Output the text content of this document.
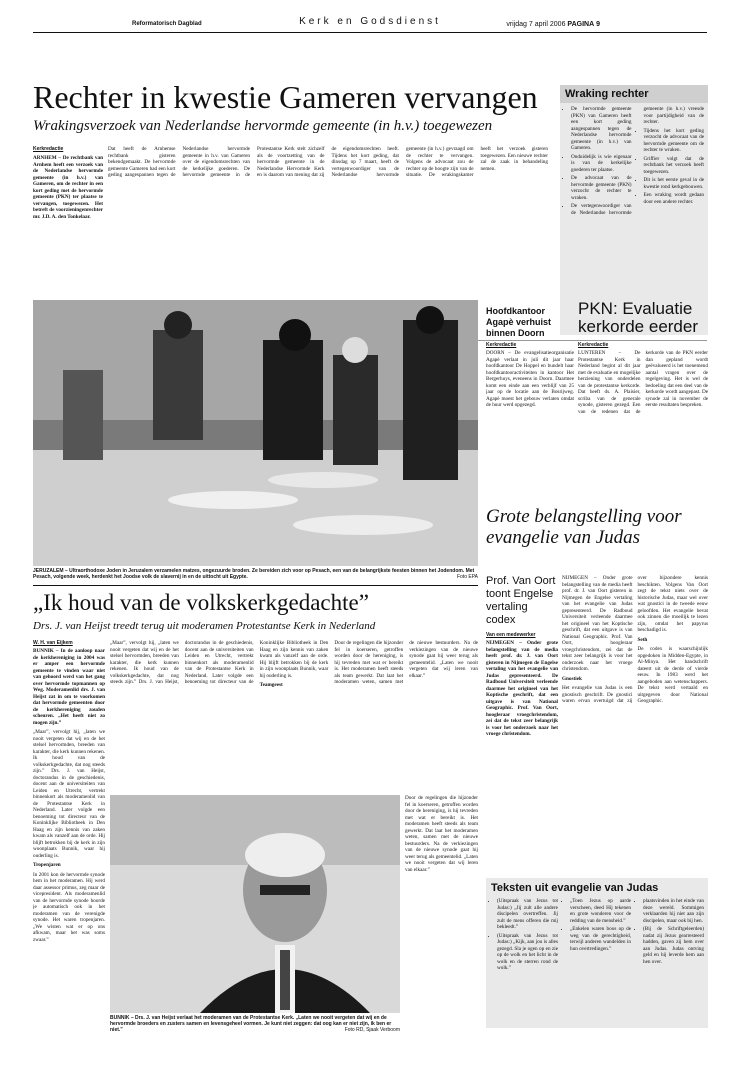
Reformatorisch Dagblad	Kerk en Godsdienst	vrijdag 7 april 2006 PAGINA 9
Rechter in kwestie Gameren vervangen
Wrakingsverzoek van Nederlandse hervormde gemeente (in h.v.) toegewezen
Kerkredactie
ARNHEM – De rechtbank van Arnhem heeft een verzoek van de Nederlandse hervormde gemeente (in h.v.) van Gameren, om de rechter in een kort geding met de hervormde gemeente (PKN) ter plaatse te vervangen, toegewezen. Het betreft de voorzieningenrechter mr. J.D. A. den Tonkelaar.
Dat heeft de Arnhemse rechtbank gisteren bekendgemaakt. De hervormde gemeente Gameren had een kort geding aangespannen tegen de Nederlandse hervormde gemeente in h.v. van Gameren over de eigendomsrechten van de kerkelijke goederen. De hervormde gemeente in de Protestantse Kerk stelt zichzelf als de voortzetting van de hervormde gemeente in de Nederlandse Hervormde Kerk en is daarom van mening dat zij de eigendomsrechten heeft. Tijdens het kort geding, dat dinsdag op 7 maart, heeft de vertegenwoordiger van de Nederlandse hervormde gemeente (in h.v.) gevraagd om de rechter te vervangen. Volgens de advocaat zou de rechter op de hoogte zijn van de situatie. De wrakingskamer heeft het verzoek gisteren toegewezen. Een nieuwe rechter zal de zaak in behandeling nemen.
Wraking rechter
• De hervormde gemeente (PKN) van Gameren heeft een kort geding aangespannen tegen de Nederlandse hervormde gemeente (in h.v.) van Gameren.
• Onduidelijk is wie eigenaar is van de kerkelijke goederen ter plaatse.
• De advocaat van de hervormde gemeente (PKN) verzocht de rechter te wraken.
• De vertegenwoordiger van de Nederlandse hervormde gemeente (in h.v.) vreesde voor partijdigheid van de rechter.
• Tijdens het kort geding verzocht de advocaat van de hervormde gemeente om de rechter te wraken.
• Griffier volgt dat de rechtbank het verzoek heeft toegewezen.
• Dit is het eerste geval in de kwestie rond kerkgebouwen.
• Een wraking wordt gedaan door een andere rechter.
JERUZALEM – Ultraorthodoxe Joden in Jeruzalem verzamelen matzes, ongezuurde broden. Ze bereiden zich voor op Pesach, een van de belangrijkste feesten binnen het Jodendom. Met Pesach, volgende week, herdenkt het Joodse volk de slavernij in en de uittocht uit Egypte.	Foto EPA
Hoofdkantoor Agapè verhuist binnen Doorn
Kerkredactie
DOORN – De evangelisatieorganisatie Agapè verlaat in juli dit jaar haar hoofdkantoor De Hoppel en bundelt haar hoofdkantooractiviteiten in kantoor Het Bergerhuys, eveneens in Doorn. Daarmee komt een einde aan een verblijf van 25 jaar op de locatie aan de Bosrijweg. Agapè moest het gebouw verlaten omdat de huur werd opgezegd.
PKN: Evaluatie kerkorde eerder
Kerkredactie
LUNTEREN – De Protestantse Kerk in Nederland begint al dit jaar met de evaluatie en mogelijke herziening van onderdelen van de protestantse kerkorde. Dat heeft ds. A. Plaisier, scriba van de generale synode, gisteren gezegd. Een van de redenen dat de kerkorde van de PKN eerder dan gepland wordt geëvalueerd is het toenemend aantal vragen over de regelgeving. Het is wel de bedoeling dat een deel van de kerkorde wordt aangepast. De synode zal in november de eerste resultaten bespreken.
Grote belangstelling voor evangelie van Judas
„Ik houd van de volkskerkgedachte”
Drs. J. van Heijst treedt terug uit moderamen Protestantse Kerk in Nederland
W. H. van Eijkem

BUNNIK – In de aanloop naar de kerkhereniging in 2004 was er amper een hervormde gemeente te vinden waar niet van gehoord werd van het gang over hervormde topmannen op Weg. Moderamenlid drs. J. van Heijst zat in om te voorkomen dat hervormde gemeenten door de kerkhereniging zouden scheuren. „Het heeft niet zo mogen zijn.”

„Maar”, vervolgt hij, „laten we nooit vergeten dat wij en de het stelsel hervormden, breeden van karakter, die kerk kunnen rekenen. Ik houd van de volkskerkgedachte, dat nog steeds zijn.” Drs. J. van Heijst, doctorandus in de geschiedenis, docent aan de universiteiten van Leiden en Utrecht, vertrekt binnenkort als moderamenlid van de Protestantse Kerk in Nederland. Later volgde een benoeming tot directeur van de Koninklijke Bibliotheek in Den Haag en zijn kennis van zaken kwam als vanzelf aan de orde. Hij blijft betrokken bij de kerk in zijn woonplaats Bunnik, waar hij ouderling is.

Tropenjaren

In 2001 kon de hervormde synode hem in het moderamen. Hij werd daar assessor primus, zeg maar de vicepresident. Als moderamenlid van de hervormde synode hoorde je automatisch ook in het moderamen van de verenigde synode. Het waren tropenjaren. „We wisten wat er op ons afkwam, maar het was soms zwaar.”

„Maar”, vervolgt hij, „laten we nooit vergeten dat wij en de het stelsel hervormden, breeden van karakter, die kerk kunnen rekenen. Ik houd van de volkskerkgedachte, dat nog steeds zijn.” Drs. J. van Heijst, doctorandus in de geschiedenis, docent aan de universiteiten van Leiden en Utrecht, vertrekt binnenkort als moderamenlid van de Protestantse Kerk in Nederland. Later volgde een benoeming tot directeur van de Koninklijke Bibliotheek in Den Haag en zijn kennis van zaken kwam als vanzelf aan de orde. Hij blijft betrokken bij de kerk in zijn woonplaats Bunnik, waar hij ouderling is.

Teamgeest

Door de regelingen die hijzonder fel in koerseren, getroffen worden door de hereniging, is hij tevreden met wat er bereikt is. Het moderamen heeft steeds als team gewerkt. Dat laat het moderamen weten, samen met de nieuwe bestuurders. Na de verkiezingen van de nieuwe synode gaat hij weer terug als gemeentelid. „Laten we nooit vergeten dat wij leren van elkaar.”

BUNNIK – Drs. J. van Heijst verlaat het moderamen van de Protestantse Kerk. „Laten we nooit vergeten dat wij en de hervormde broeders en zusters samen en levensgeheel vormen. Je kunt niet zeggen: dat oog kan er niet zijn, ik ben er niet.”	Foto RD, Sjaak Verboom
Door de regelingen die hijzonder fel in koerseren, getroffen worden door de hereniging, is hij tevreden met wat er bereikt is. Het moderamen heeft steeds als team gewerkt. Dat laat het moderamen weten, samen met de nieuwe bestuurders. Na de verkiezingen van de nieuwe synode gaat hij weer terug als gemeentelid. „Laten we nooit vergeten dat wij leren van elkaar.”
Prof. Van Oort toont Engelse vertaling codex
Van een medewerker
NIJMEGEN – Onder grote belangstelling van de media heeft prof. dr. J. van Oort gisteren in Nijmegen de Engelse vertaling van het evangelie van Judas gepresenteerd. De Radboud Universiteit verleende daarmee het origineel van het Koptische geschrift, dat een uitgave is van National Geographic. Prof. Van Oort, hoogleraar vroegchristendom, zei dat de tekst zeer belangrijk is voor het onderzoek naar het vroege christendom.

NIJMEGEN – Onder grote belangstelling van de media heeft prof. dr. J. van Oort gisteren in Nijmegen de Engelse vertaling van het evangelie van Judas gepresenteerd. De Radboud Universiteit verleende daarmee het origineel van het Koptische geschrift, dat een uitgave is van National Geographic. Prof. Van Oort, hoogleraar vroegchristendom, zei dat de tekst zeer belangrijk is voor het onderzoek naar het vroege christendom.

Gnostiek

Het evangelie van Judas is een gnostisch geschrift. De gnostici waren ervan overtuigd dat zij over bijzondere kennis beschikten. Volgens Van Oort zegt de tekst niets over de historische Judas, maar wel over wat gnostici in de tweede eeuw geloofden. Het evangelie bevat ook zinnen die moeilijk te lezen zijn, omdat het papyrus beschadigd is.

Seth

De codex is waarschijnlijk opgedoken in Midden-Egypte, in Al-Minya. Het handschrift dateert uit de derde of vierde eeuw. In 1983 werd het aangeboden aan wetenschappers. De tekst werd vertaald en uitgegeven door National Geographic.

Teksten uit evangelie van Judas
• (Uitspraak van Jezus tot Judas:) „Jij zult alle andere discipelen overtreffen. Jij zult de mens offeren die mij bekleedt.”
• (Uitspraak van Jezus tot Judas:) „Kijk, aan jou is alles gezegd. Sla je ogen op en zie op de wolk en het licht in de wolk en de sterren rond de wolk.”
• „Toen Jezus op aarde verscheen, deed Hij tekenen en grote wonderen voor de redding van de mensheid.”
• „Enkelen waren boos op de weg van de gerechtigheid, terwijl anderen wandelden in hun overtredingen.”
• plaatsvinden in het einde van deze wereld. Sommigen verklaarden hij niet aan zijn discipelen, maar ook bij hen.
• (Bij de Schriftgeleerden) nadat zij Jezus gearresteerd hadden, gaven zij hem over aan Judas. Judas ontving geld en hij leverde hem aan hen over.
